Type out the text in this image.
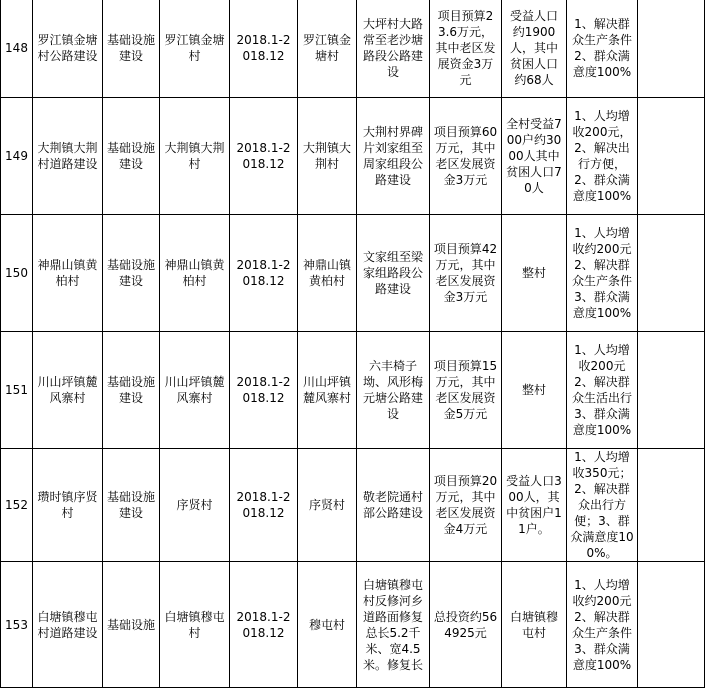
148	罗江镇金塘村公路建设	基础设施建设	罗江镇金塘村	2018.1-2018.12	罗江镇金塘村	大坪村大路常至老沙塘路段公路建设	项目预算23.6万元，其中老区发展资金3万元	受益人口约1900人，其中贫困人口约68人	1、解决群众生产条件2、群众满意度100%	

149	大荆镇大荆村道路建设	基础设施建设	大荆镇大荆村	2018.1-2018.12	大荆镇大荆村	大荆村界碑片刘家组至周家组段公路建设	项目预算60万元，其中老区发展资金3万元	全村受益700户约3000人其中贫困人口70人	1、人均增收200元，2、解决出行方便，2、群众满意度100%	

150	神鼎山镇黄柏村	基础设施建设	神鼎山镇黄柏村	2018.1-2018.12	神鼎山镇黄柏村	文家组至梁家组路段公路建设	项目预算42万元，其中老区发展资金3万元	整村	1、人均增收约200元2、解决群众生产条件3、群众满意度100%	

151	川山坪镇麓风寨村	基础设施建设	川山坪镇麓风寨村	2018.1-2018.12	川山坪镇麓风寨村	六丰椅子坳、风形梅元塘公路建设	项目预算15万元，其中老区发展资金5万元	整村	1、人均增收200元2、解决群众生活出行3、群众满意度100%	

152	瓒时镇序贤村	基础设施建设	序贤村	2018.1-2018.12	序贤村	敬老院通村部公路建设	项目预算20万元，其中老区发展资金4万元	受益人口300人，其中贫困户11户。	1、人均增收350元；2、解决群众出行方便；3、群众满意度100%。	

153	白塘镇穆屯村道路建设	基础设施	白塘镇穆屯村	2018.1-2018.12	穆屯村	白塘镇穆屯村反修河乡道路面修复总长5.2千米、宽4.5米。修复长	总投资约564925元	白塘镇穆屯村	1、人均增收约200元2、解决群众生产条件3、群众满意度100%	
